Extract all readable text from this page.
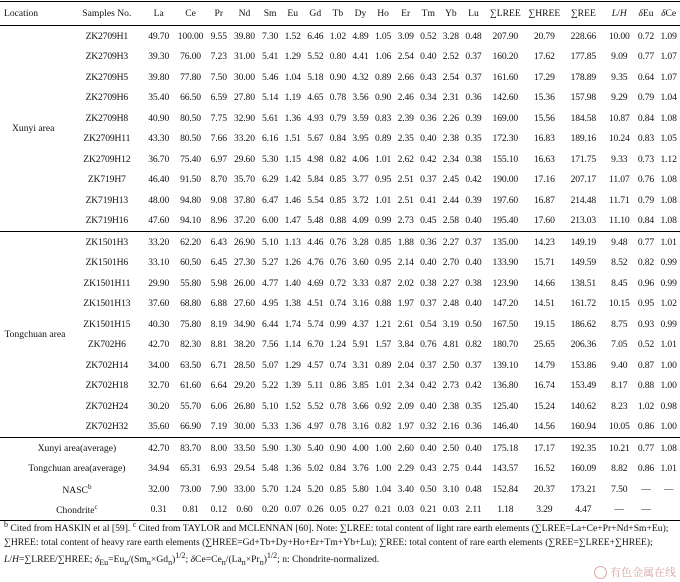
Location	Samples No.	La	Ce	Pr	Nd	Sm	Eu	Gd	Tb	Dy	Ho	Er	Tm	Yb	Lu	∑LREE	∑HREE	∑REE	L/H	δEu	δCe
Xunyi area	ZK2709H1	49.70	100.00	9.55	39.80	7.30	1.52	6.46	1.02	4.89	1.05	3.09	0.52	3.28	0.48	207.90	20.79	228.66	10.00	0.72	1.09
	ZK2709H3	39.30	76.00	7.23	31.00	5.41	1.29	5.52	0.80	4.41	1.06	2.54	0.40	2.52	0.37	160.20	17.62	177.85	9.09	0.77	1.07
	ZK2709H5	39.80	77.80	7.50	30.00	5.46	1.04	5.18	0.90	4.32	0.89	2.66	0.43	2.54	0.37	161.60	17.29	178.89	9.35	0.64	1.07
	ZK2709H6	35.40	66.50	6.59	27.80	5.14	1.19	4.65	0.78	3.56	0.90	2.46	0.34	2.31	0.36	142.60	15.36	157.98	9.29	0.79	1.04
	ZK2709H8	40.90	80.50	7.75	32.90	5.61	1.36	4.93	0.79	3.59	0.83	2.39	0.36	2.26	0.39	169.00	15.56	184.58	10.87	0.84	1.08
	ZK2709H11	43.30	80.50	7.66	33.20	6.16	1.51	5.67	0.84	3.95	0.89	2.35	0.40	2.38	0.35	172.30	16.83	189.16	10.24	0.83	1.05
	ZK2709H12	36.70	75.40	6.97	29.60	5.30	1.15	4.98	0.82	4.06	1.01	2.62	0.42	2.34	0.38	155.10	16.63	171.75	9.33	0.73	1.12
	ZK719H7	46.40	91.50	8.70	35.70	6.29	1.42	5.84	0.85	3.77	0.95	2.51	0.37	2.45	0.42	190.00	17.16	207.17	11.07	0.76	1.08
	ZK719H13	48.00	94.80	9.08	37.80	6.47	1.46	5.54	0.85	3.72	1.01	2.51	0.41	2.44	0.39	197.60	16.87	214.48	11.71	0.79	1.08
	ZK719H16	47.60	94.10	8.96	37.20	6.00	1.47	5.48	0.88	4.09	0.99	2.73	0.45	2.58	0.40	195.40	17.60	213.03	11.10	0.84	1.08
Tongchuan area	ZK1501H3	33.20	62.20	6.43	26.90	5.10	1.13	4.46	0.76	3.28	0.85	1.88	0.36	2.27	0.37	135.00	14.23	149.19	9.48	0.77	1.01
	ZK1501H6	33.10	60.50	6.45	27.30	5.27	1.26	4.76	0.76	3.60	0.95	2.14	0.40	2.70	0.40	133.90	15.71	149.59	8.52	0.82	0.99
	ZK1501H11	29.90	55.80	5.98	26.00	4.77	1.40	4.69	0.72	3.33	0.87	2.02	0.38	2.27	0.38	123.90	14.66	138.51	8.45	0.96	0.99
	ZK1501H13	37.60	68.80	6.88	27.60	4.95	1.38	4.51	0.74	3.16	0.88	1.97	0.37	2.48	0.40	147.20	14.51	161.72	10.15	0.95	1.02
	ZK1501H15	40.30	75.80	8.19	34.90	6.44	1.74	5.74	0.99	4.37	1.21	2.61	0.54	3.19	0.50	167.50	19.15	186.62	8.75	0.93	0.99
	ZK702H6	42.70	82.30	8.81	38.20	7.56	1.14	6.70	1.24	5.91	1.57	3.84	0.76	4.81	0.82	180.70	25.65	206.36	7.05	0.52	1.01
	ZK702H14	34.00	63.50	6.71	28.50	5.07	1.29	4.57	0.74	3.31	0.89	2.04	0.37	2.50	0.37	139.10	14.79	153.86	9.40	0.87	1.00
	ZK702H18	32.70	61.60	6.64	29.20	5.22	1.39	5.11	0.86	3.85	1.01	2.34	0.42	2.73	0.42	136.80	16.74	153.49	8.17	0.88	1.00
	ZK702H24	30.20	55.70	6.06	26.80	5.10	1.52	5.52	0.78	3.66	0.92	2.09	0.40	2.38	0.35	125.40	15.24	140.62	8.23	1.02	0.98
	ZK702H32	35.60	66.90	7.19	30.00	5.33	1.36	4.97	0.78	3.16	0.82	1.97	0.32	2.16	0.36	146.40	14.56	160.94	10.05	0.86	1.00
Xunyi area(average)		42.70	83.70	8.00	33.50	5.90	1.30	5.40	0.90	4.00	1.00	2.60	0.40	2.50	0.40	175.18	17.17	192.35	10.21	0.77	1.08
Tongchuan area(average)		34.94	65.31	6.93	29.54	5.48	1.36	5.02	0.84	3.76	1.00	2.29	0.43	2.75	0.44	143.57	16.52	160.09	8.82	0.86	1.01
NASC$^b$		32.00	73.00	7.90	33.00	5.70	1.24	5.20	0.85	5.80	1.04	3.40	0.50	3.10	0.48	152.84	20.37	173.21	7.50	—	—
Chondrite$^c$		0.31	0.81	0.12	0.60	0.20	0.07	0.26	0.05	0.27	0.21	0.03	0.21	0.03	2.11	1.18	3.29	4.47	—	—	
$^b$ Cited from HASKIN et al [59]. $^c$ Cited from TAYLOR and MCLENNAN [60]. Note: ∑LREE: total content of light rare earth elements (∑LREE=La+Ce+Pr+Nd+Sm+Eu); ∑HREE: total content of heavy rare earth elements (∑HREE=Gd+Tb+Dy+Ho+Er+Tm+Yb+Lu); ∑REE: total content of rare earth elements (∑REE=∑LREE+∑HREE); L/H=∑LREE/∑HREE; $\delta_{Eu}=Eu_n/(Sm_n\times Gd_n)^{1/2}$; $\delta Ce=Ce_n/(La_n\times Pr_n)^{1/2}$; n: Chondrite-normalized.
有色金属在线
